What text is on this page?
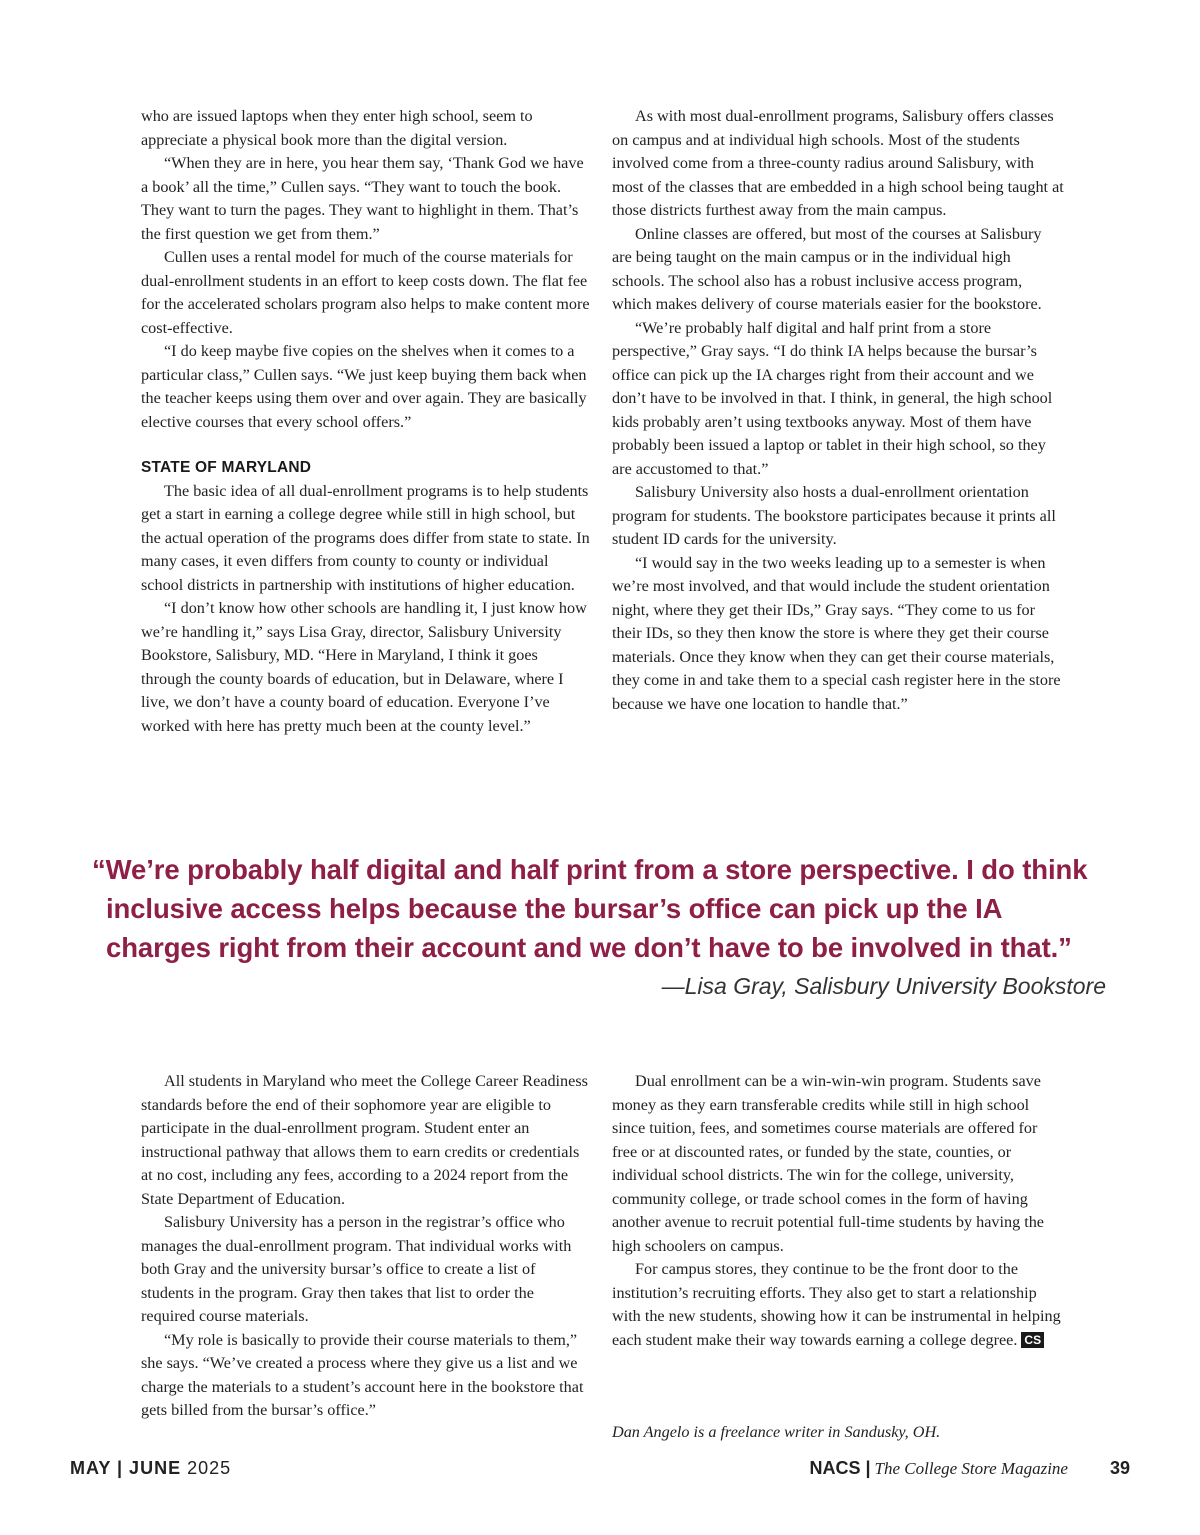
who are issued laptops when they enter high school, seem to appreciate a physical book more than the digital version.

“When they are in here, you hear them say, ‘Thank God we have a book’ all the time,” Cullen says. “They want to touch the book. They want to turn the pages. They want to highlight in them. That’s the first question we get from them.”

Cullen uses a rental model for much of the course materials for dual-enrollment students in an effort to keep costs down. The flat fee for the accelerated scholars program also helps to make content more cost-effective.

“I do keep maybe five copies on the shelves when it comes to a particular class,” Cullen says. “We just keep buying them back when the teacher keeps using them over and over again. They are basically elective courses that every school offers.”

STATE OF MARYLAND

The basic idea of all dual-enrollment programs is to help students get a start in earning a college degree while still in high school, but the actual operation of the programs does differ from state to state. In many cases, it even differs from county to county or individual school districts in partnership with institutions of higher education.

“I don’t know how other schools are handling it, I just know how we’re handling it,” says Lisa Gray, director, Salisbury University Bookstore, Salisbury, MD. “Here in Maryland, I think it goes through the county boards of education, but in Delaware, where I live, we don’t have a county board of education. Everyone I’ve worked with here has pretty much been at the county level.”

As with most dual-enrollment programs, Salisbury offers classes on campus and at individual high schools. Most of the students involved come from a three-county radius around Salisbury, with most of the classes that are embedded in a high school being taught at those districts furthest away from the main campus.

Online classes are offered, but most of the courses at Salisbury are being taught on the main campus or in the individual high schools. The school also has a robust inclusive access program, which makes delivery of course materials easier for the bookstore.

“We’re probably half digital and half print from a store perspective,” Gray says. “I do think IA helps because the bursar’s office can pick up the IA charges right from their account and we don’t have to be involved in that. I think, in general, the high school kids probably aren’t using textbooks anyway. Most of them have probably been issued a laptop or tablet in their high school, so they are accustomed to that.”

Salisbury University also hosts a dual-enrollment orientation program for students. The bookstore participates because it prints all student ID cards for the university.

“I would say in the two weeks leading up to a semester is when we’re most involved, and that would include the student orientation night, where they get their IDs,” Gray says. “They come to us for their IDs, so they then know the store is where they get their course materials. Once they know when they can get their course materials, they come in and take them to a special cash register here in the store because we have one location to handle that.”

“We’re probably half digital and half print from a store perspective. I do think inclusive access helps because the bursar’s office can pick up the IA charges right from their account and we don’t have to be involved in that.”

—Lisa Gray, Salisbury University Bookstore

All students in Maryland who meet the College Career Readiness standards before the end of their sophomore year are eligible to participate in the dual-enrollment program. Student enter an instructional pathway that allows them to earn credits or credentials at no cost, including any fees, according to a 2024 report from the State Department of Education.

Salisbury University has a person in the registrar’s office who manages the dual-enrollment program. That individual works with both Gray and the university bursar’s office to create a list of students in the program. Gray then takes that list to order the required course materials.

“My role is basically to provide their course materials to them,” she says. “We’ve created a process where they give us a list and we charge the materials to a student’s account here in the bookstore that gets billed from the bursar’s office.”

Dual enrollment can be a win-win-win program. Students save money as they earn transferable credits while still in high school since tuition, fees, and sometimes course materials are offered for free or at discounted rates, or funded by the state, counties, or individual school districts. The win for the college, university, community college, or trade school comes in the form of having another avenue to recruit potential full-time students by having the high schoolers on campus.

For campus stores, they continue to be the front door to the institution’s recruiting efforts. They also get to start a relationship with the new students, showing how it can be instrumental in helping each student make their way towards earning a college degree. CS

Dan Angelo is a freelance writer in Sandusky, OH.
MAY | JUNE 2025	NACS | The College Store Magazine 39
